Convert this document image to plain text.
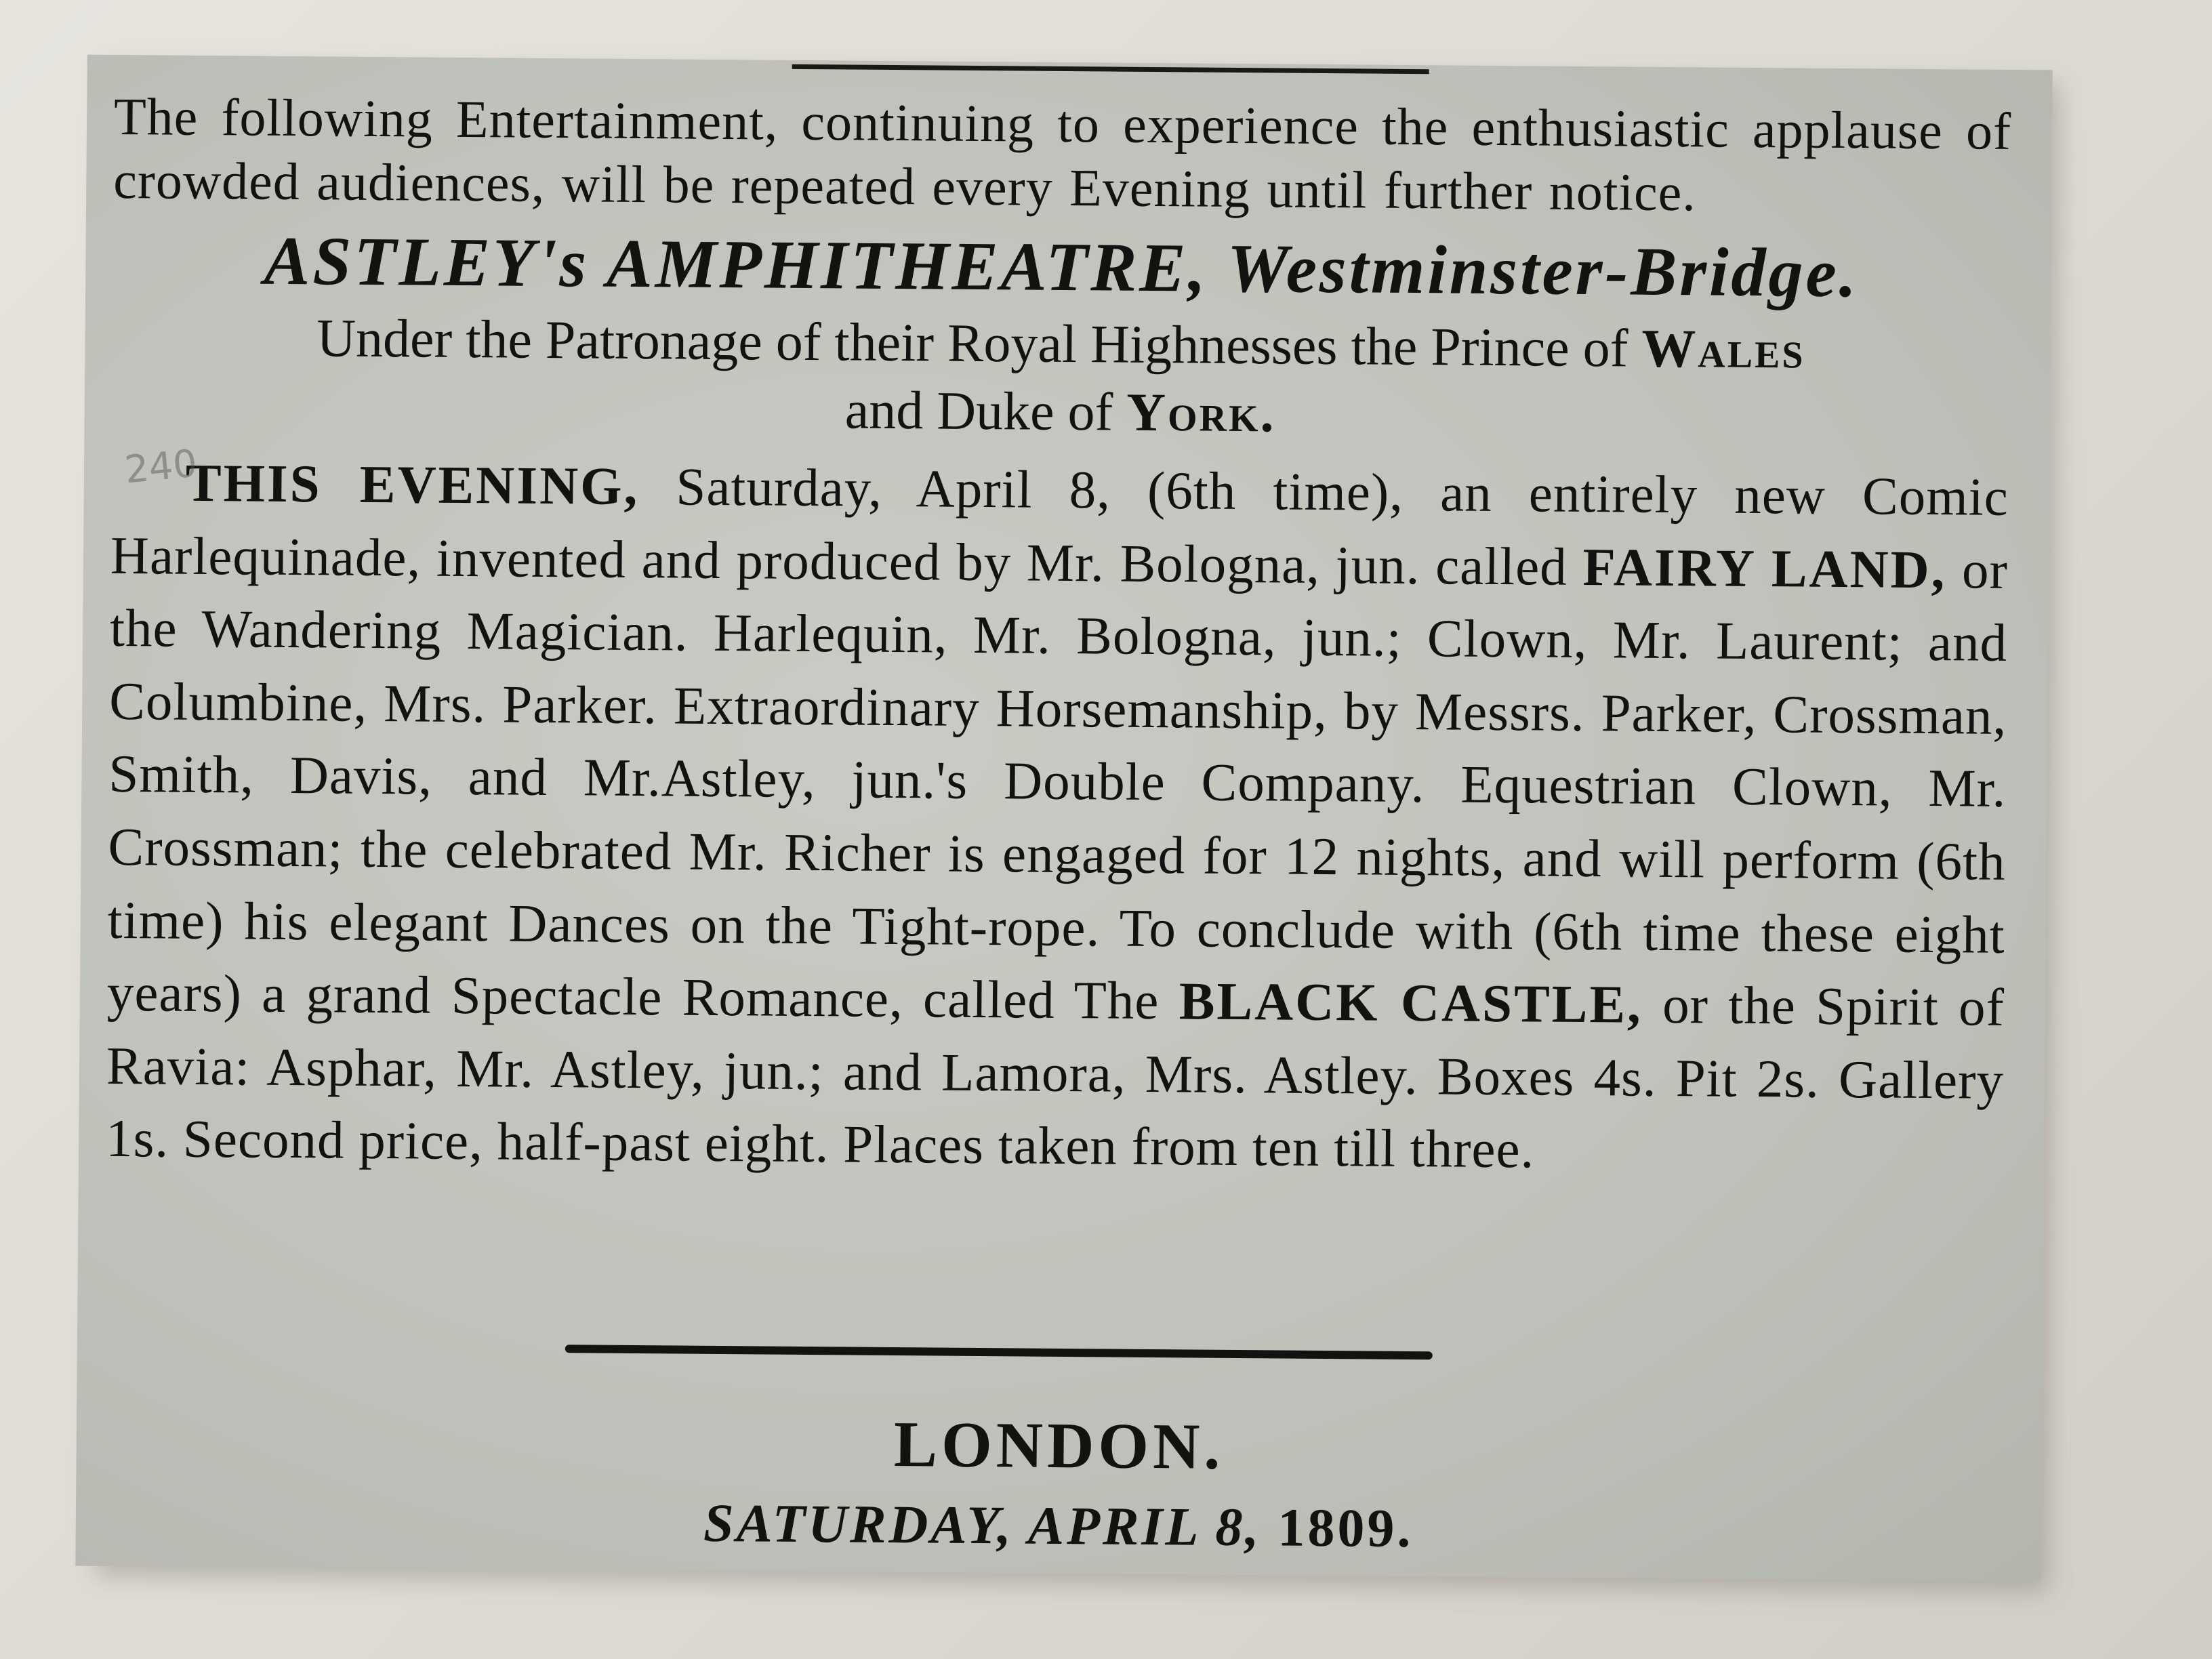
The following Entertainment, continuing to experience the enthusiastic applause of crowded audiences, will be repeated every Evening until further notice.
ASTLEY's AMPHITHEATRE, Westminster-Bridge.
Under the Patronage of their Royal Highnesses the Prince of Wales
and Duke of York.
THIS EVENING, Saturday, April 8, (6th time), an entirely new Comic Harlequinade, invented and produced by Mr. Bologna, jun. called FAIRY LAND, or the Wandering Magician. Harlequin, Mr. Bologna, jun.; Clown, Mr. Laurent; and Columbine, Mrs. Parker. Extraordinary Horsemanship, by Messrs. Parker, Crossman, Smith, Davis, and Mr.Astley, jun.'s Double Company. Equestrian Clown, Mr. Crossman; the celebrated Mr. Richer is engaged for 12 nights, and will perform (6th time) his elegant Dances on the Tight-rope. To conclude with (6th time these eight years) a grand Spectacle Romance, called The BLACK CASTLE, or the Spirit of Ravia: Asphar, Mr. Astley, jun.; and Lamora, Mrs. Astley. Boxes 4s. Pit 2s. Gallery 1s. Second price, half-past eight. Places taken from ten till three.
LONDON.
SATURDAY, APRIL 8, 1809.
240
